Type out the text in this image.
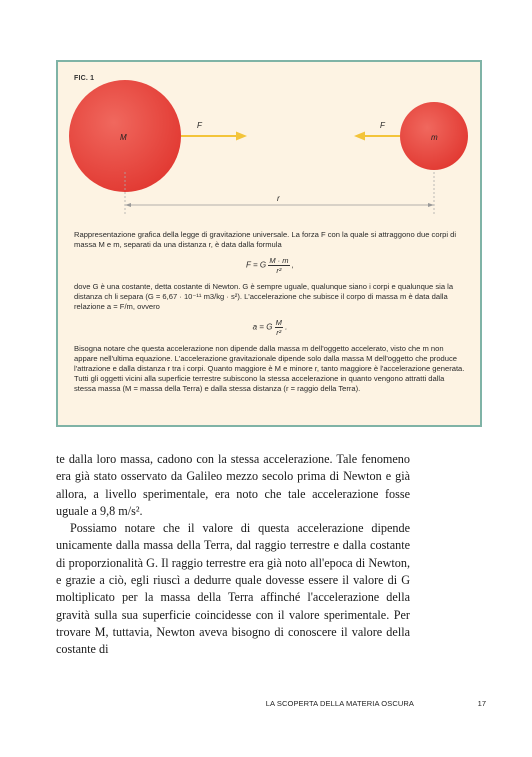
FIC. 1
M	m
F	F
r

Rappresentazione grafica della legge di gravitazione universale. La forza F con la quale si attraggono due corpi di massa M e m, separati da una distanza r, è data dalla formula

F = G $\frac{M \cdot m}{\text{r²}}$ ,

dove G è una costante, detta costante di Newton. G è sempre uguale, qualunque siano i corpi e qualunque sia la distanza ch li separa (G = 6,67 · 10⁻¹¹ m3/kg · s²). L'accelerazione che subisce il corpo di massa m è data dalla relazione a = F/m, ovvero

a = G $\frac{M}{\text{r²}}$ .

Bisogna notare che questa accelerazione non dipende dalla massa m dell'oggetto accelerato, visto che m non appare nell'ultima equazione. L'accelerazione gravitazionale dipende solo dalla massa M dell'oggetto che produce l'attrazione e dalla distanza r tra i corpi. Quanto maggiore è M e minore r, tanto maggiore è l'accelerazione generata. Tutti gli oggetti vicini alla superficie terrestre subiscono la stessa accelerazione in quanto vengono attratti dalla stessa massa (M = massa della Terra) e dalla stessa distanza (r = raggio della Terra).

te dalla loro massa, cadono con la stessa accelerazione. Tale fenomeno era già stato osservato da Galileo mezzo secolo prima di Newton e già allora, a livello sperimentale, era noto che tale accelerazione fosse uguale a 9,8 m/s².

Possiamo notare che il valore di questa accelerazione dipende unicamente dalla massa della Terra, dal raggio terrestre e dalla costante di proporzionalità G. Il raggio terrestre era già noto all'epoca di Newton, e grazie a ciò, egli riuscì a dedurre quale dovesse essere il valore di G moltiplicato per la massa della Terra affinché l'accelerazione della gravità sulla sua superficie coincidesse con il valore sperimentale. Per trovare M, tuttavia, Newton aveva bisogno di conoscere il valore della costante di

LA SCOPERTA DELLA MATERIA OSCURA	17
